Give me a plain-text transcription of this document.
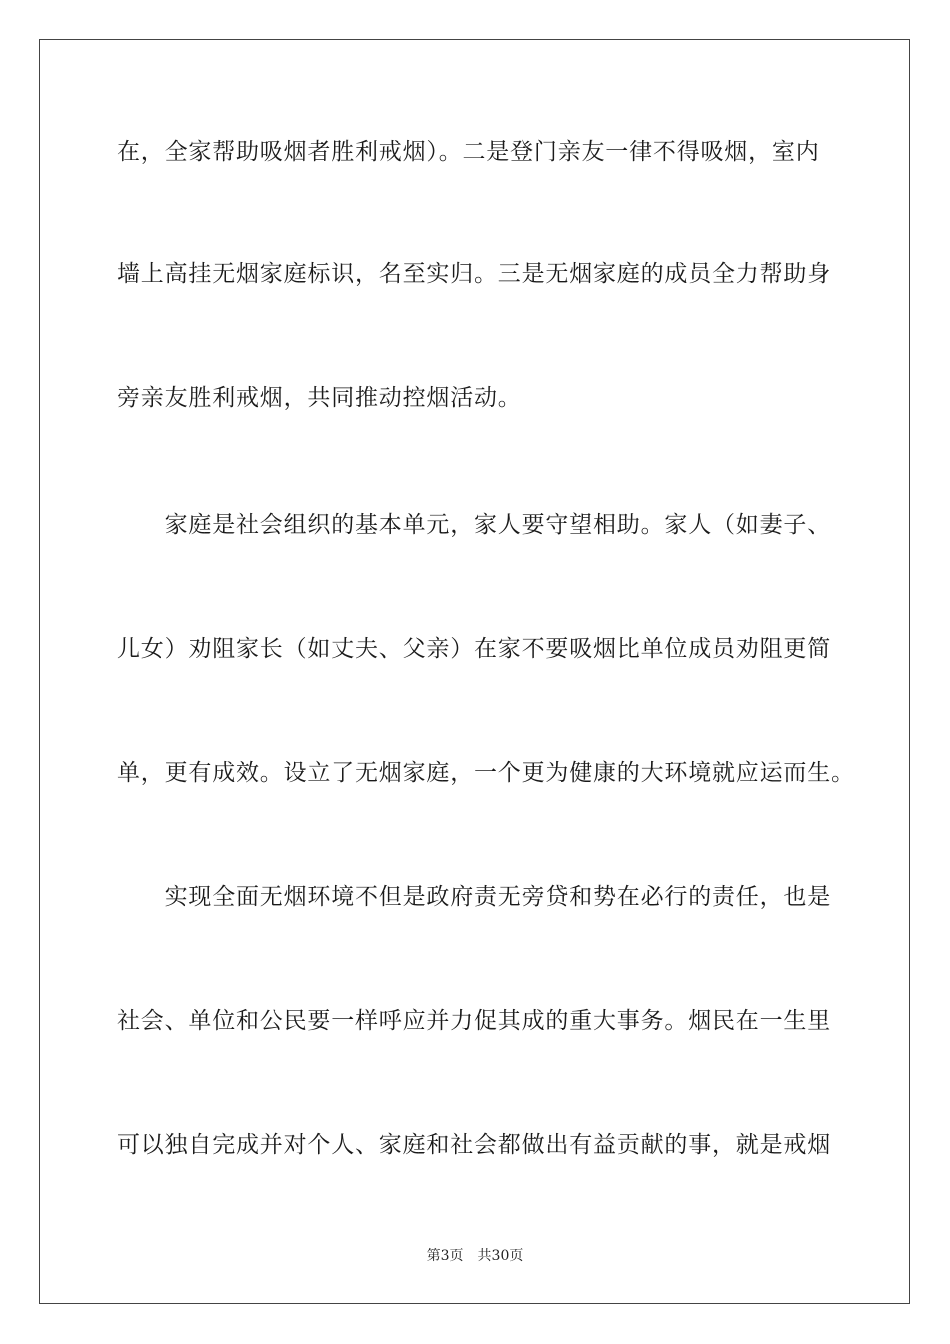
在，全家帮助吸烟者胜利戒烟）。二是登门亲友一律不得吸烟，室内
墙上高挂无烟家庭标识，名至实归。三是无烟家庭的成员全力帮助身
旁亲友胜利戒烟，共同推动控烟活动。
　　家庭是社会组织的基本单元，家人要守望相助。家人（如妻子、
儿女）劝阻家长（如丈夫、父亲）在家不要吸烟比单位成员劝阻更简
单，更有成效。设立了无烟家庭，一个更为健康的大环境就应运而生。
　　实现全面无烟环境不但是政府责无旁贷和势在必行的责任，也是
社会、单位和公民要一样呼应并力促其成的重大事务。烟民在一生里
可以独自完成并对个人、家庭和社会都做出有益贡献的事，就是戒烟
第3页 共30页
